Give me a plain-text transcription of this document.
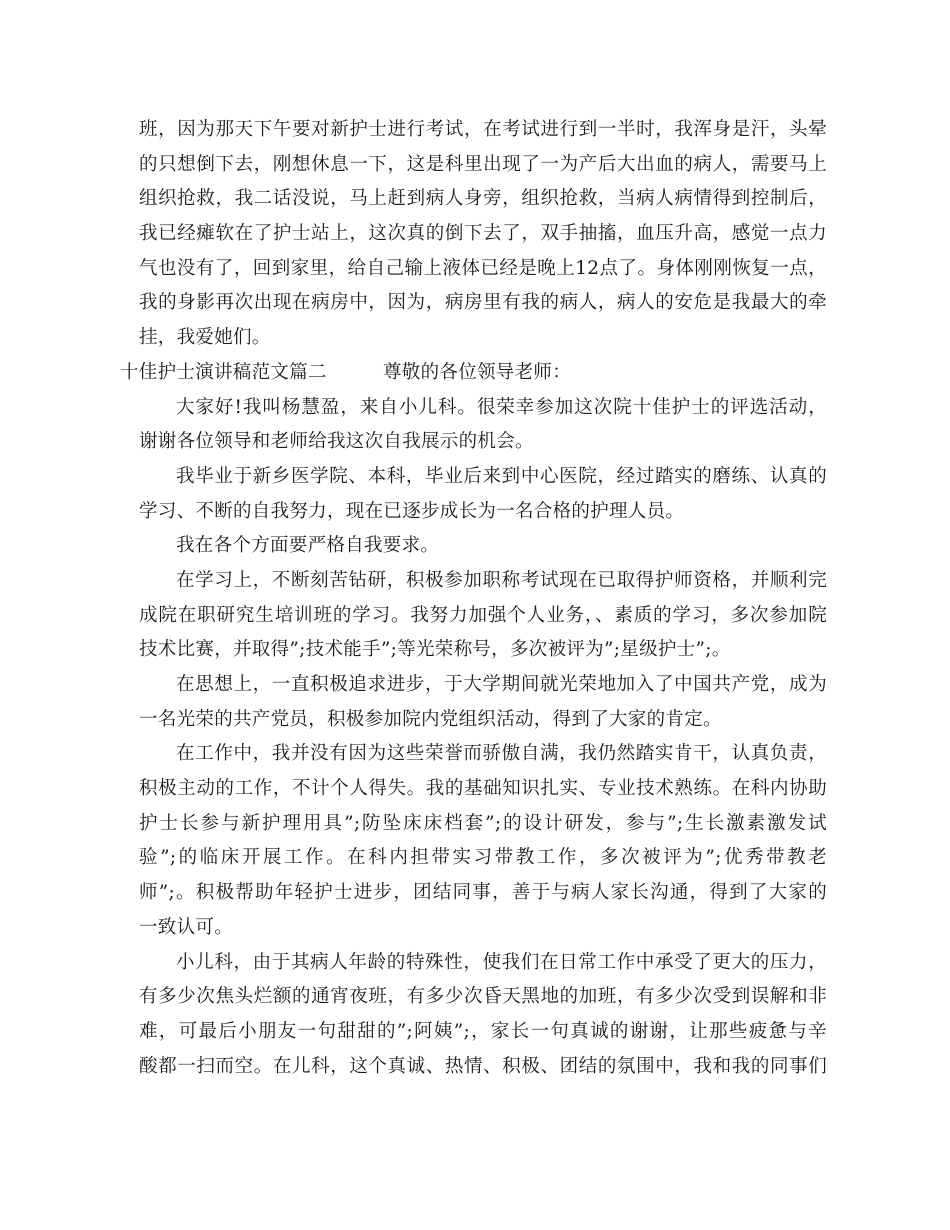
班，因为那天下午要对新护士进行考试，在考试进行到一半时，我浑身是汗，头晕
的只想倒下去，刚想休息一下，这是科里出现了一为产后大出血的病人，需要马上
组织抢救，我二话没说，马上赶到病人身旁，组织抢救，当病人病情得到控制后，
我已经瘫软在了护士站上，这次真的倒下去了，双手抽搐，血压升高，感觉一点力
气也没有了，回到家里，给自己输上液体已经是晚上12点了。身体刚刚恢复一点，
我的身影再次出现在病房中，因为，病房里有我的病人，病人的安危是我最大的牵
挂，我爱她们。
十佳护士演讲稿范文篇二	尊敬的各位领导老师：
大家好!我叫杨慧盈，来自小儿科。很荣幸参加这次院十佳护士的评选活动，
谢谢各位领导和老师给我这次自我展示的机会。
我毕业于新乡医学院、本科，毕业后来到中心医院，经过踏实的磨练、认真的
学习、不断的自我努力，现在已逐步成长为一名合格的护理人员。
我在各个方面要严格自我要求。
在学习上，不断刻苦钻研，积极参加职称考试现在已取得护师资格，并顺利完
成院在职研究生培训班的学习。我努力加强个人业务，、素质的学习，多次参加院
技术比赛，并取得”;技术能手”;等光荣称号，多次被评为”;星级护士”;。
在思想上，一直积极追求进步，于大学期间就光荣地加入了中国共产党，成为
一名光荣的共产党员，积极参加院内党组织活动，得到了大家的肯定。
在工作中，我并没有因为这些荣誉而骄傲自满，我仍然踏实肯干，认真负责，
积极主动的工作，不计个人得失。我的基础知识扎实、专业技术熟练。在科内协助
护士长参与新护理用具”;防坠床床档套”;的设计研发，参与”;生长激素激发试
验”;的临床开展工作。在科内担带实习带教工作，多次被评为”;优秀带教老
师”;。积极帮助年轻护士进步，团结同事，善于与病人家长沟通，得到了大家的
一致认可。
小儿科，由于其病人年龄的特殊性，使我们在日常工作中承受了更大的压力，
有多少次焦头烂额的通宵夜班，有多少次昏天黑地的加班，有多少次受到误解和非
难，可最后小朋友一句甜甜的”;阿姨”;，家长一句真诚的谢谢，让那些疲惫与辛
酸都一扫而空。在儿科，这个真诚、热情、积极、团结的氛围中，我和我的同事们
